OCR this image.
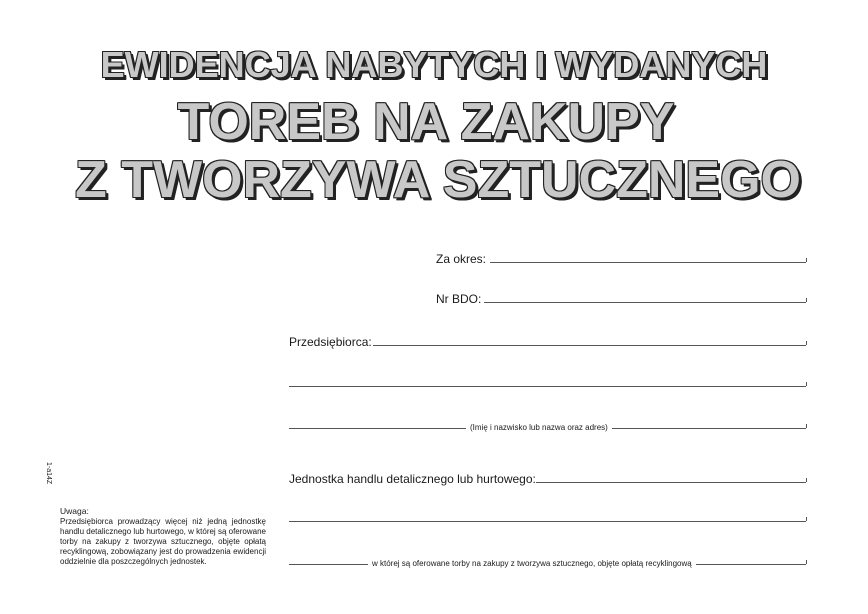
EWIDENCJA NABYTYCH I WYDANYCH
TOREB NA ZAKUPY
Z TWORZYWA SZTUCZNEGO
Za okres:
Nr BDO:
Przedsiębiorca:
(Imię i nazwisko lub nazwa oraz adres)
Jednostka handlu detalicznego lub hurtowego:
w której są oferowane torby na zakupy z tworzywa sztucznego, objęte opłatą recyklingową
1-a14Z
Uwaga:
Przedsiębiorca prowadzący więcej niż jedną jednostkę handlu detalicznego lub hurtowego, w której są oferowane torby na zakupy z tworzywa sztucznego, objęte opłatą recyklingową, zobowiązany jest do prowadzenia ewidencji oddzielnie dla poszczególnych jednostek.
